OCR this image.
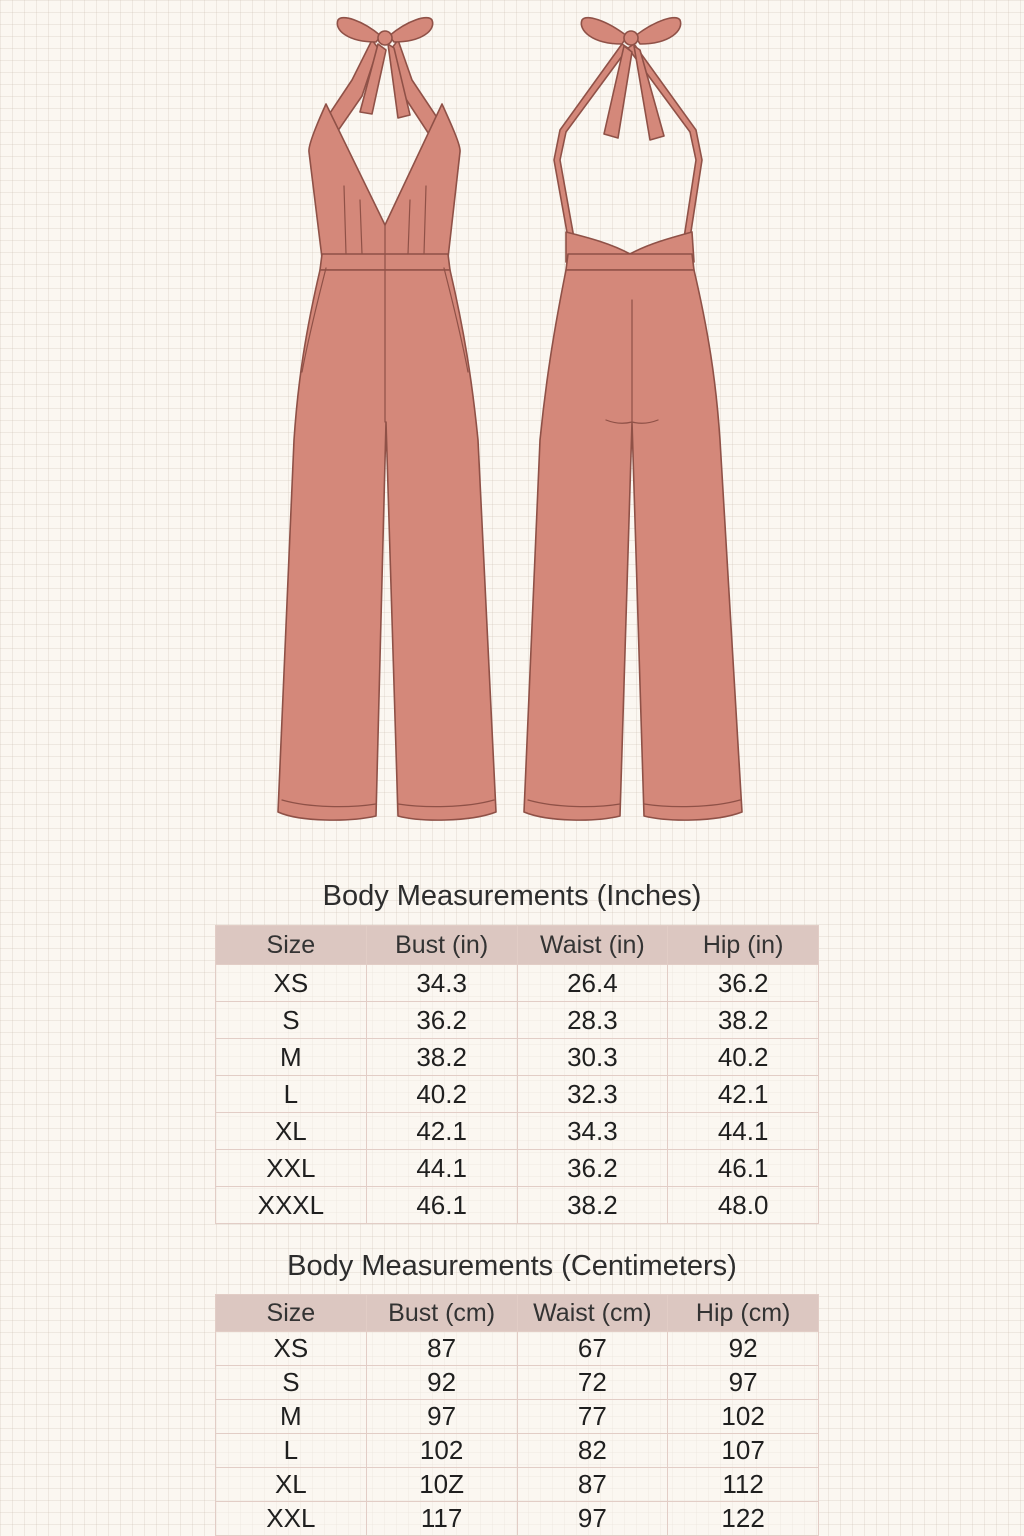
Body Measurements (Inches)
Size	Bust (in)	Waist (in)	Hip (in)
XS	34.3	26.4	36.2
S	36.2	28.3	38.2
M	38.2	30.3	40.2
L	40.2	32.3	42.1
XL	42.1	34.3	44.1
XXL	44.1	36.2	46.1
XXXL	46.1	38.2	48.0
Body Measurements (Centimeters)
Size	Bust (cm)	Waist (cm)	Hip (cm)
XS	87	67	92
S	92	72	97
M	97	77	102
L	102	82	107
XL	10Z	87	112
XXL	117	97	122
